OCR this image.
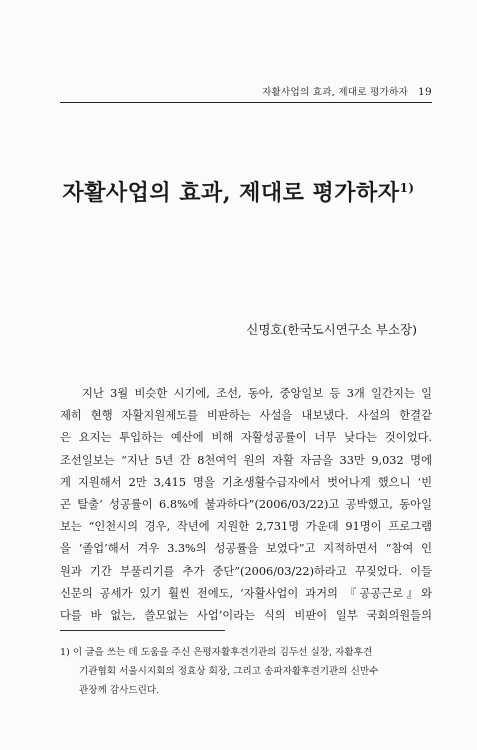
자활사업의 효과, 제대로 평가하자 19
자활사업의 효과, 제대로 평가하자$^{1)}$
신명호(한국도시연구소 부소장)
지난 3월 비슷한 시기에, 조선, 동아, 중앙일보 등 3개 일간지는 일
제히 현행 자활지원제도를 비판하는 사설을 내보냈다. 사설의 한결같
은 요지는 투입하는 예산에 비해 자활성공률이 너무 낮다는 것이었다.
조선일보는 “지난 5년 간 8천여억 원의 자활 자금을 33만 9,032 명에
게 지원해서 2만 3,415 명을 기초생활수급자에서 벗어나게 했으니 ‘빈
곤 탈출’ 성공률이 6.8%에 불과하다”(2006/03/22)고 공박했고, 동아일
보는 “인천시의 경우, 작년에 지원한 2,731명 가운데 91명이 프로그램
을 ‘졸업’해서 겨우 3.3%의 성공률을 보였다”고 지적하면서 “참여 인
원과 기간 부풀리기를 추가 중단”(2006/03/22)하라고 꾸짖었다. 이들
신문의 공세가 있기 훨씬 전에도, ‘자활사업이 과거의 『공공근로』와
다를 바 없는, 쓸모없는 사업’이라는 식의 비판이 일부 국회의원들의
1) 이 글을 쓰는 데 도움을 주신 은평자활후견기관의 김두선 실장, 자활후견
기관협회 서울시지회의 정효상 회장, 그리고 송파자활후견기관의 신만수
관장께 감사드린다.
